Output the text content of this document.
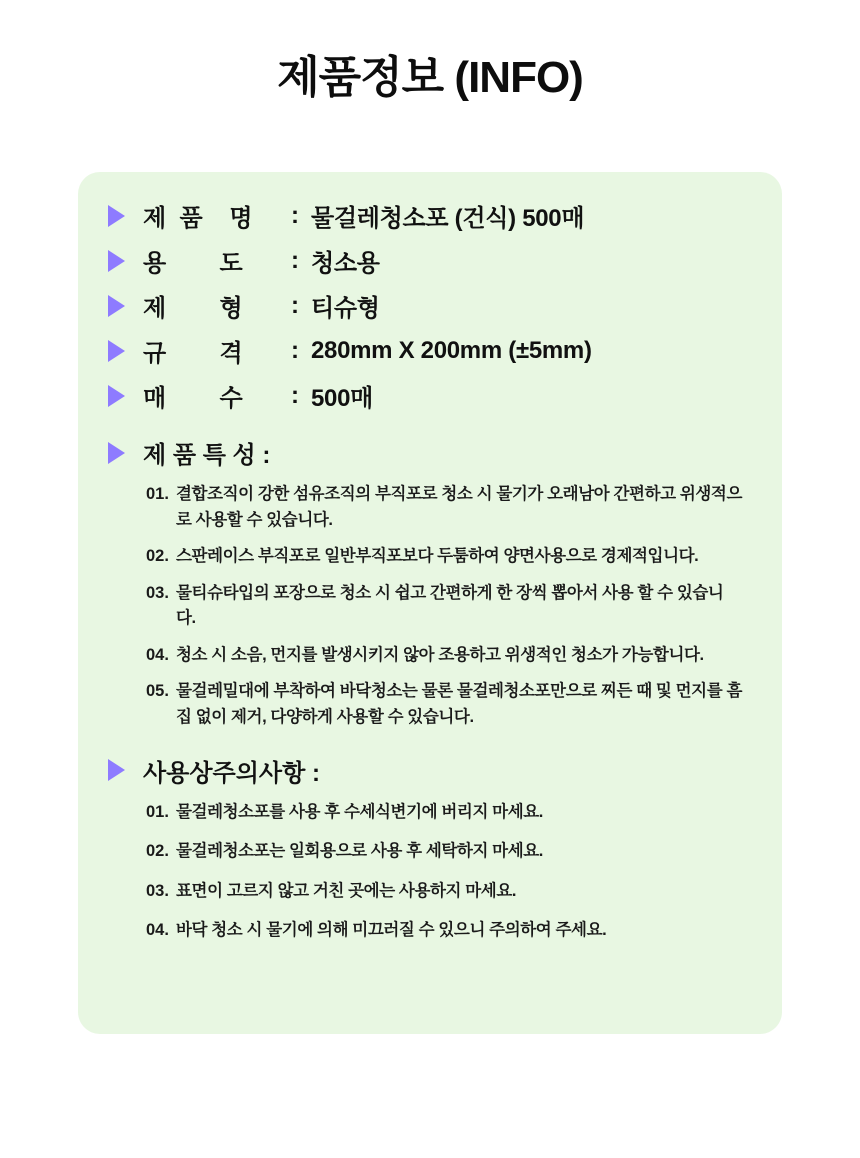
제품정보 (INFO)
제  품    명	: 물걸레청소포 (건식) 500매
용        도	: 청소용
제        형	: 티슈형
규        격	: 280mm X 200mm (±5mm)
매        수	: 500매
제 품 특 성 :
01. 결합조직이 강한 섬유조직의 부직포로 청소 시 물기가 오래남아 간편하고 위생적으로 사용할 수 있습니다.
02. 스판레이스 부직포로 일반부직포보다 두툼하여 양면사용으로 경제적입니다.
03. 물티슈타입의 포장으로 청소 시 쉽고 간편하게 한 장씩 뽑아서 사용 할 수 있습니다.
04. 청소 시 소음, 먼지를 발생시키지 않아 조용하고 위생적인 청소가 가능합니다.
05. 물걸레밀대에 부착하여 바닥청소는 물론 물걸레청소포만으로 찌든 때 및 먼지를 흠집 없이 제거, 다양하게 사용할 수 있습니다.
사용상주의사항 :
01. 물걸레청소포를 사용 후 수세식변기에 버리지 마세요.
02. 물걸레청소포는 일회용으로 사용 후 세탁하지 마세요.
03. 표면이 고르지 않고 거친 곳에는 사용하지 마세요.
04. 바닥 청소 시 물기에 의해 미끄러질 수 있으니 주의하여 주세요.
